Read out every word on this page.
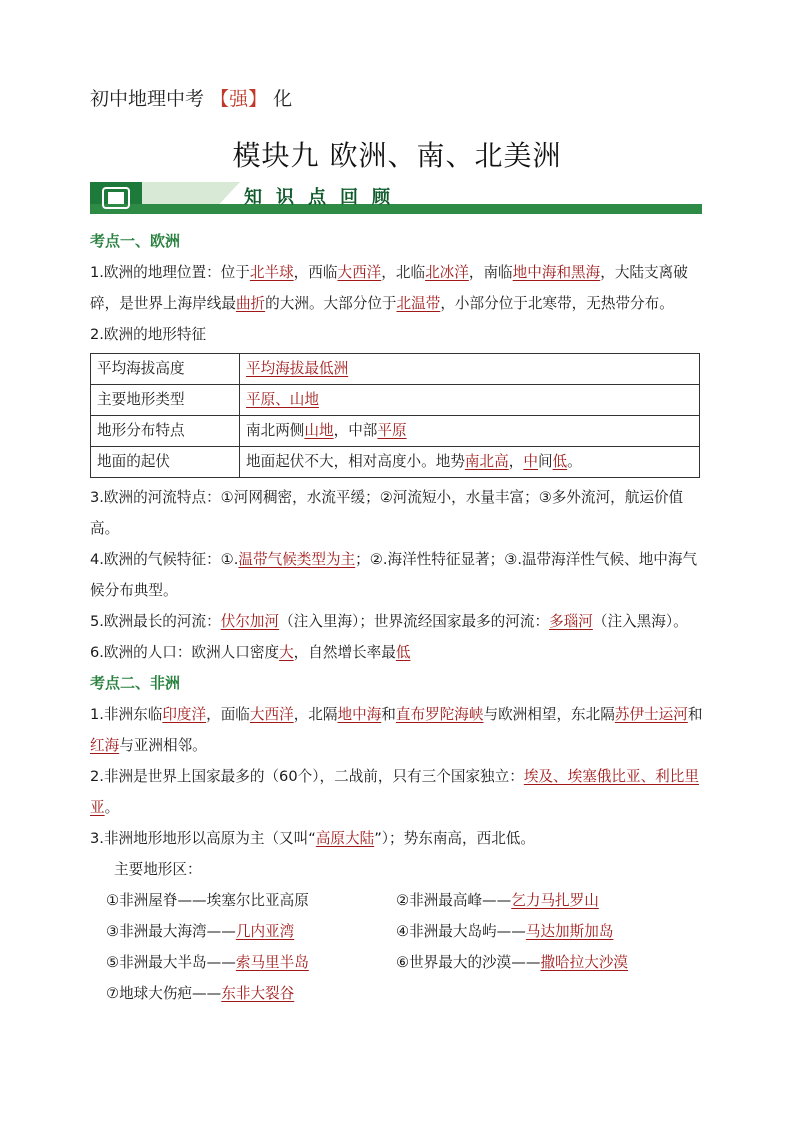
初中地理中考 【强】 化
模块九 欧洲、南、北美洲
知识点回顾

考点一、欧洲

1.欧洲的地理位置：位于北半球，西临大西洋，北临北冰洋，南临地中海和黑海，大陆支离破碎，是世界上海岸线最曲折的大洲。大部分位于北温带，小部分位于北寒带，无热带分布。

2.欧洲的地形特征

平均海拔高度	平均海拔最低洲
主要地形类型	平原、山地
地形分布特点	南北两侧山地，中部平原
地面的起伏	地面起伏不大，相对高度小。地势南北高，中间低。

3.欧洲的河流特点：①河网稠密，水流平缓；②河流短小，水量丰富；③多外流河，航运价值高。

4.欧洲的气候特征：①.温带气候类型为主；②.海洋性特征显著；③.温带海洋性气候、地中海气候分布典型。

5.欧洲最长的河流：伏尔加河（注入里海）；世界流经国家最多的河流：多瑙河（注入黑海）。

6.欧洲的人口：欧洲人口密度大，自然增长率最低

考点二、非洲

1.非洲东临印度洋，面临大西洋，北隔地中海和直布罗陀海峡与欧洲相望，东北隔苏伊士运河和红海与亚洲相邻。

2.非洲是世界上国家最多的（60个），二战前，只有三个国家独立：埃及、埃塞俄比亚、利比里亚。

3.非洲地形地形以高原为主（又叫“高原大陆”）；势东南高，西北低。

主要地形区：

①非洲屋脊——埃塞尔比亚高原	②非洲最高峰——乞力马扎罗山
③非洲最大海湾——几内亚湾	④非洲最大岛屿——马达加斯加岛
⑤非洲最大半岛——索马里半岛	⑥世界最大的沙漠——撒哈拉大沙漠
⑦地球大伤疤——东非大裂谷
